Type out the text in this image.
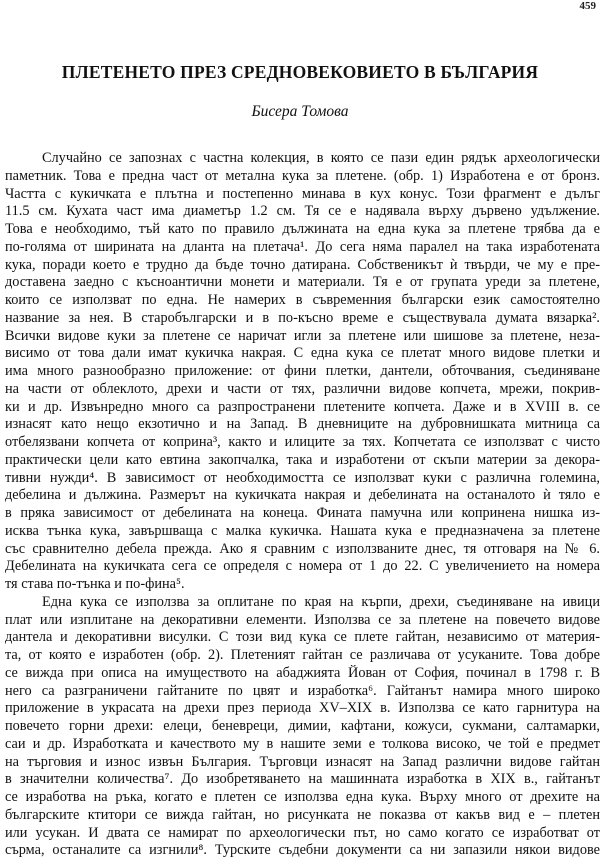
459
ПЛЕТЕНЕТО ПРЕЗ СРЕДНОВЕКОВИЕТО В БЪЛГАРИЯ
Бисера Томова
Случайно се запознах с частна колекция, в която се пази един рядък археологически
паметник. Това е предна част от метална кука за плетене. (обр. 1) Изработена е от бронз.
Частта с кукичката е плътна и постепенно минава в кух конус. Този фрагмент е дълъг
11.5 см. Кухата част има диаметър 1.2 см. Тя се е надявала върху дървено удължение.
Това е необходимо, тъй като по правило дължината на една кука за плетене трябва да е
по-голяма от ширината на дланта на плетача¹. До сега няма паралел на така изработената
кука, поради което е трудно да бъде точно датирана. Собственикът ѝ твърди, че му е пре-
доставена заедно с късноантични монети и материали. Тя е от групата уреди за плетене,
които се използват по една. Не намерих в съвременния български език самостоятелно
название за нея. В старобългарски и в по-късно време е съществувала думата вязарка².
Всички видове куки за плетене се наричат игли за плетене или шишове за плетене, неза-
висимо от това дали имат кукичка накрая. С една кука се плетат много видове плетки и
има много разнообразно приложение: от фини плетки, дантели, обточвания, съединяване
на части от облеклото, дрехи и части от тях, различни видове копчета, мрежи, покрив-
ки и др. Извънредно много са разпространени плетените копчета. Даже и в XVIII в. се
изнасят като нещо екзотично и на Запад. В дневниците на дубровнишката митница са
отбелязвани копчета от коприна³, както и илиците за тях. Копчетата се използват с чисто
практически цели като евтина закопчалка, така и изработени от скъпи материи за декора-
тивни нужди⁴. В зависимост от необходимостта се използват куки с различна големина,
дебелина и дължина. Размерът на кукичката накрая и дебелината на останалото ѝ тяло е
в пряка зависимост от дебелината на конеца. Фината памучна или копринена нишка из-
исква тънка кука, завършваща с малка кукичка. Нашата кука е предназначена за плетене
със сравнително дебела прежда. Ако я сравним с използваните днес, тя отговаря на № 6.
Дебелината на кукичката сега се определя с номера от 1 до 22. С увеличението на номера
тя става по-тънка и по-фина⁵.
Една кука се използва за оплитане по края на кърпи, дрехи, съединяване на ивици
плат или изплитане на декоративни елементи. Използва се за плетене на повечето видове
дантела и декоративни висулки. С този вид кука се плете гайтан, независимо от материя-
та, от която е изработен (обр. 2). Плетеният гайтан се различава от усуканите. Това добре
се вижда при описа на имуществото на абаджията Йован от София, починал в 1798 г. В
него са разграничени гайтаните по цвят и изработка⁶. Гайтанът намира много широко
приложение в украсата на дрехи през периода XV–XIX в. Използва се като гарнитура на
повечето горни дрехи: елеци, беневреци, димии, кафтани, кожуси, сукмани, салтамарки,
саи и др. Изработката и качеството му в нашите земи е толкова високо, че той е предмет
на търговия и износ извън България. Търговци изнасят на Запад различни видове гайтан
в значителни количества⁷. До изобретяването на машинната изработка в XIX в., гайтанът
се изработва на ръка, когато е плетен се използва една кука. Върху много от дрехите на
българските ктитори се вижда гайтан, но рисунката не показва от какъв вид е – плетен
или усукан. И двата се намират по археологически път, но само когато се изработват от
сърма, останалите са изгнили⁸. Турските съдебни документи са ни запазили някои видове
